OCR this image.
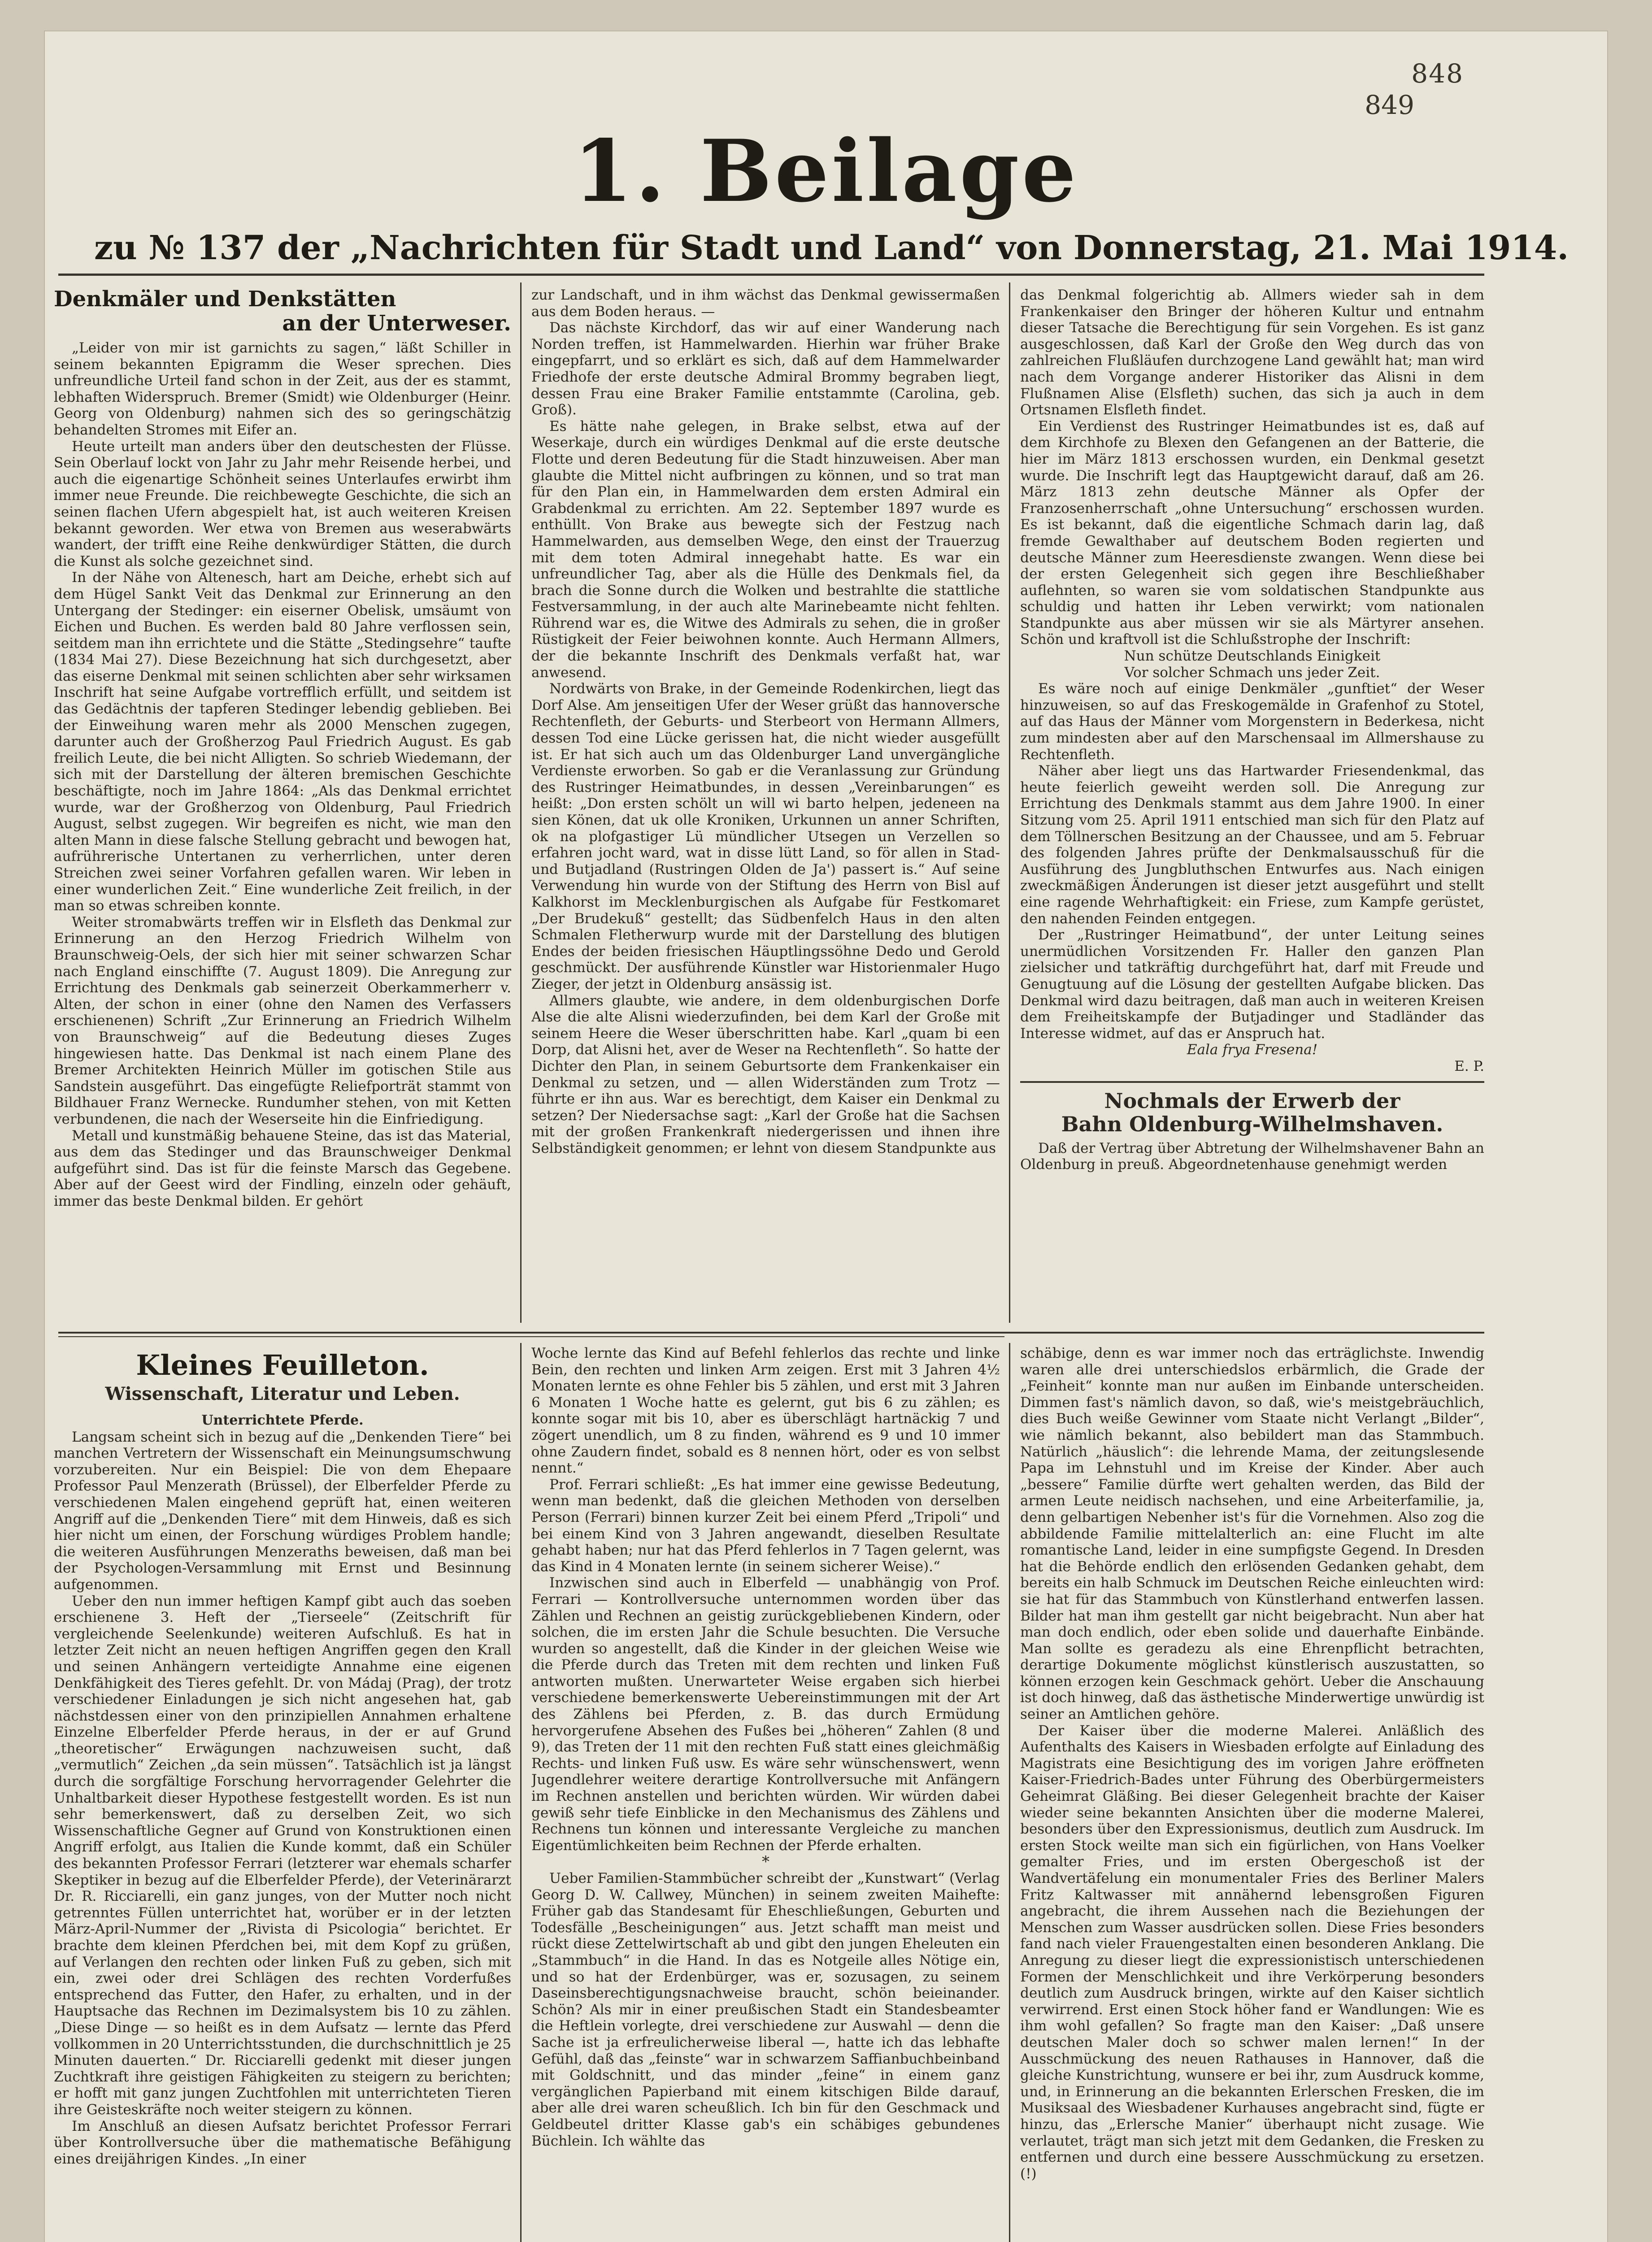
848
849
1. Beilage
zu № 137 der „Nachrichten für Stadt und Land“ von Donnerstag, 21. Mai 1914.
Denkmäler und Denkstätten

an der Unterweser.

„Leider von mir ist garnichts zu sagen,“ läßt Schiller in seinem bekannten Epigramm die Weser sprechen. Dies unfreundliche Urteil fand schon in der Zeit, aus der es stammt, lebhaften Widerspruch. Bremer (Smidt) wie Oldenburger (Heinr. Georg von Oldenburg) nahmen sich des so geringschätzig behandelten Stromes mit Eifer an.

Heute urteilt man anders über den deutschesten der Flüsse. Sein Oberlauf lockt von Jahr zu Jahr mehr Reisende herbei, und auch die eigenartige Schönheit seines Unterlaufes erwirbt ihm immer neue Freunde. Die reichbewegte Geschichte, die sich an seinen flachen Ufern abgespielt hat, ist auch weiteren Kreisen bekannt geworden. Wer etwa von Bremen aus weserabwärts wandert, der trifft eine Reihe denkwürdiger Stätten, die durch die Kunst als solche gezeichnet sind.

In der Nähe von Altenesch, hart am Deiche, erhebt sich auf dem Hügel Sankt Veit das Denkmal zur Erinnerung an den Untergang der Stedinger: ein eiserner Obelisk, umsäumt von Eichen und Buchen. Es werden bald 80 Jahre verflossen sein, seitdem man ihn errichtete und die Stätte „Stedingsehre“ taufte (1834 Mai 27). Diese Bezeichnung hat sich durchgesetzt, aber das eiserne Denkmal mit seinen schlichten aber sehr wirksamen Inschrift hat seine Aufgabe vortrefflich erfüllt, und seitdem ist das Gedächtnis der tapferen Stedinger lebendig geblieben. Bei der Einweihung waren mehr als 2000 Menschen zugegen, darunter auch der Großherzog Paul Friedrich August. Es gab freilich Leute, die bei nicht Alligten. So schrieb Wiedemann, der sich mit der Darstellung der älteren bremischen Geschichte beschäftigte, noch im Jahre 1864: „Als das Denkmal errichtet wurde, war der Großherzog von Oldenburg, Paul Friedrich August, selbst zugegen. Wir begreifen es nicht, wie man den alten Mann in diese falsche Stellung gebracht und bewogen hat, aufrührerische Untertanen zu verherrlichen, unter deren Streichen zwei seiner Vorfahren gefallen waren. Wir leben in einer wunderlichen Zeit.“ Eine wunderliche Zeit freilich, in der man so etwas schreiben konnte.

Weiter stromabwärts treffen wir in Elsfleth das Denkmal zur Erinnerung an den Herzog Friedrich Wilhelm von Braunschweig-Oels, der sich hier mit seiner schwarzen Schar nach England einschiffte (7. August 1809). Die Anregung zur Errichtung des Denkmals gab seinerzeit Oberkammerherr v. Alten, der schon in einer (ohne den Namen des Verfassers erschienenen) Schrift „Zur Erinnerung an Friedrich Wilhelm von Braunschweig“ auf die Bedeutung dieses Zuges hingewiesen hatte. Das Denkmal ist nach einem Plane des Bremer Architekten Heinrich Müller im gotischen Stile aus Sandstein ausgeführt. Das eingefügte Reliefporträt stammt von Bildhauer Franz Wernecke. Rundumher stehen, von mit Ketten verbundenen, die nach der Weserseite hin die Einfriedigung.

Metall und kunstmäßig behauene Steine, das ist das Material, aus dem das Stedinger und das Braunschweiger Denkmal aufgeführt sind. Das ist für die feinste Marsch das Gegebene. Aber auf der Geest wird der Findling, einzeln oder gehäuft, immer das beste Denkmal bilden. Er gehört

zur Landschaft, und in ihm wächst das Denkmal gewissermaßen aus dem Boden heraus. —

Das nächste Kirchdorf, das wir auf einer Wanderung nach Norden treffen, ist Hammelwarden. Hierhin war früher Brake eingepfarrt, und so erklärt es sich, daß auf dem Hammelwarder Friedhofe der erste deutsche Admiral Brommy begraben liegt, dessen Frau eine Braker Familie entstammte (Carolina, geb. Groß).

Es hätte nahe gelegen, in Brake selbst, etwa auf der Weserkaje, durch ein würdiges Denkmal auf die erste deutsche Flotte und deren Bedeutung für die Stadt hinzuweisen. Aber man glaubte die Mittel nicht aufbringen zu können, und so trat man für den Plan ein, in Hammelwarden dem ersten Admiral ein Grabdenkmal zu errichten. Am 22. September 1897 wurde es enthüllt. Von Brake aus bewegte sich der Festzug nach Hammelwarden, aus demselben Wege, den einst der Trauerzug mit dem toten Admiral innegehabt hatte. Es war ein unfreundlicher Tag, aber als die Hülle des Denkmals fiel, da brach die Sonne durch die Wolken und bestrahlte die stattliche Festversammlung, in der auch alte Marinebeamte nicht fehlten. Rührend war es, die Witwe des Admirals zu sehen, die in großer Rüstigkeit der Feier beiwohnen konnte. Auch Hermann Allmers, der die bekannte Inschrift des Denkmals verfaßt hat, war anwesend.

Nordwärts von Brake, in der Gemeinde Rodenkirchen, liegt das Dorf Alse. Am jenseitigen Ufer der Weser grüßt das hannoversche Rechtenfleth, der Geburts- und Sterbeort von Hermann Allmers, dessen Tod eine Lücke gerissen hat, die nicht wieder ausgefüllt ist. Er hat sich auch um das Oldenburger Land unvergängliche Verdienste erworben. So gab er die Veranlassung zur Gründung des Rustringer Heimatbundes, in dessen „Vereinbarungen“ es heißt: „Don ersten schölt un will wi barto helpen, jedeneen na sien Könen, dat uk olle Kroniken, Urkunnen un anner Schriften, ok na plofgastiger Lü mündlicher Utsegen un Verzellen so erfahren jocht ward, wat in disse lütt Land, so för allen in Stad- und Butjadland (Rustringen Olden de Ja') passert is.“ Auf seine Verwendung hin wurde von der Stiftung des Herrn von Bisl auf Kalkhorst im Mecklenburgischen als Aufgabe für Festkomaret „Der Brudekuß“ gestellt; das Südbenfelch Haus in den alten Schmalen Fletherwurp wurde mit der Darstellung des blutigen Endes der beiden friesischen Häuptlingssöhne Dedo und Gerold geschmückt. Der ausführende Künstler war Historienmaler Hugo Zieger, der jetzt in Oldenburg ansässig ist.

Allmers glaubte, wie andere, in dem oldenburgischen Dorfe Alse die alte Alisni wiederzufinden, bei dem Karl der Große mit seinem Heere die Weser überschritten habe. Karl „quam bi een Dorp, dat Alisni het, aver de Weser na Rechtenfleth“. So hatte der Dichter den Plan, in seinem Geburtsorte dem Frankenkaiser ein Denkmal zu setzen, und — allen Widerständen zum Trotz — führte er ihn aus. War es berechtigt, dem Kaiser ein Denkmal zu setzen? Der Niedersachse sagt: „Karl der Große hat die Sachsen mit der großen Frankenkraft niedergerissen und ihnen ihre Selbständigkeit genommen; er lehnt von diesem Standpunkte aus

das Denkmal folgerichtig ab. Allmers wieder sah in dem Frankenkaiser den Bringer der höheren Kultur und entnahm dieser Tatsache die Berechtigung für sein Vorgehen. Es ist ganz ausgeschlossen, daß Karl der Große den Weg durch das von zahlreichen Flußläufen durchzogene Land gewählt hat; man wird nach dem Vorgange anderer Historiker das Alisni in dem Flußnamen Alise (Elsfleth) suchen, das sich ja auch in dem Ortsnamen Elsfleth findet.

Ein Verdienst des Rustringer Heimatbundes ist es, daß auf dem Kirchhofe zu Blexen den Gefangenen an der Batterie, die hier im März 1813 erschossen wurden, ein Denkmal gesetzt wurde. Die Inschrift legt das Hauptgewicht darauf, daß am 26. März 1813 zehn deutsche Männer als Opfer der Franzosenherrschaft „ohne Untersuchung“ erschossen wurden. Es ist bekannt, daß die eigentliche Schmach darin lag, daß fremde Gewalthaber auf deutschem Boden regierten und deutsche Männer zum Heeresdienste zwangen. Wenn diese bei der ersten Gelegenheit sich gegen ihre Beschließhaber auflehnten, so waren sie vom soldatischen Standpunkte aus schuldig und hatten ihr Leben verwirkt; vom nationalen Standpunkte aus aber müssen wir sie als Märtyrer ansehen. Schön und kraftvoll ist die Schlußstrophe der Inschrift:

Nun schütze Deutschlands Einigkeit

Vor solcher Schmach uns jeder Zeit.

Es wäre noch auf einige Denkmäler „gunftiet“ der Weser hinzuweisen, so auf das Freskogemälde in Grafenhof zu Stotel, auf das Haus der Männer vom Morgenstern in Bederkesa, nicht zum mindesten aber auf den Marschensaal im Allmershause zu Rechtenfleth.

Näher aber liegt uns das Hartwarder Friesendenkmal, das heute feierlich geweiht werden soll. Die Anregung zur Errichtung des Denkmals stammt aus dem Jahre 1900. In einer Sitzung vom 25. April 1911 entschied man sich für den Platz auf dem Töllnerschen Besitzung an der Chaussee, und am 5. Februar des folgenden Jahres prüfte der Denkmalsausschuß für die Ausführung des Jungbluthschen Entwurfes aus. Nach einigen zweckmäßigen Änderungen ist dieser jetzt ausgeführt und stellt eine ragende Wehrhaftigkeit: ein Friese, zum Kampfe gerüstet, den nahenden Feinden entgegen.

Der „Rustringer Heimatbund“, der unter Leitung seines unermüdlichen Vorsitzenden Fr. Haller den ganzen Plan zielsicher und tatkräftig durchgeführt hat, darf mit Freude und Genugtuung auf die Lösung der gestellten Aufgabe blicken. Das Denkmal wird dazu beitragen, daß man auch in weiteren Kreisen dem Freiheitskampfe der Butjadinger und Stadländer das Interesse widmet, auf das er Anspruch hat.

Eala frya Fresena!

E. P.

Nochmals der Erwerb der
Bahn Oldenburg-Wilhelmshaven.

Daß der Vertrag über Abtretung der Wilhelmshavener Bahn an Oldenburg in preuß. Abgeordnetenhause genehmigt werden

Kleines Feuilleton.
Wissenschaft, Literatur und Leben.

Unterrichtete Pferde.

Langsam scheint sich in bezug auf die „Denkenden Tiere“ bei manchen Vertretern der Wissenschaft ein Meinungsumschwung vorzubereiten. Nur ein Beispiel: Die von dem Ehepaare Professor Paul Menzerath (Brüssel), der Elberfelder Pferde zu verschiedenen Malen eingehend geprüft hat, einen weiteren Angriff auf die „Denkenden Tiere“ mit dem Hinweis, daß es sich hier nicht um einen, der Forschung würdiges Problem handle; die weiteren Ausführungen Menzeraths beweisen, daß man bei der Psychologen-Versammlung mit Ernst und Besinnung aufgenommen.

Ueber den nun immer heftigen Kampf gibt auch das soeben erschienene 3. Heft der „Tierseele“ (Zeitschrift für vergleichende Seelenkunde) weiteren Aufschluß. Es hat in letzter Zeit nicht an neuen heftigen Angriffen gegen den Krall und seinen Anhängern verteidigte Annahme eine eigenen Denkfähigkeit des Tieres gefehlt. Dr. von Mádaj (Prag), der trotz verschiedener Einladungen je sich nicht angesehen hat, gab nächstdessen einer von den prinzipiellen Annahmen erhaltene Einzelne Elberfelder Pferde heraus, in der er auf Grund „theoretischer“ Erwägungen nachzuweisen sucht, daß „vermutlich“ Zeichen „da sein müssen“. Tatsächlich ist ja längst durch die sorgfältige Forschung hervorragender Gelehrter die Unhaltbarkeit dieser Hypothese festgestellt worden. Es ist nun sehr bemerkenswert, daß zu derselben Zeit, wo sich Wissenschaftliche Gegner auf Grund von Konstruktionen einen Angriff erfolgt, aus Italien die Kunde kommt, daß ein Schüler des bekannten Professor Ferrari (letzterer war ehemals scharfer Skeptiker in bezug auf die Elberfelder Pferde), der Veterinärarzt Dr. R. Ricciarelli, ein ganz junges, von der Mutter noch nicht getrenntes Füllen unterrichtet hat, worüber er in der letzten März-April-Nummer der „Rivista di Psicologia“ berichtet. Er brachte dem kleinen Pferdchen bei, mit dem Kopf zu grüßen, auf Verlangen den rechten oder linken Fuß zu geben, sich mit ein, zwei oder drei Schlägen des rechten Vorderfußes entsprechend das Futter, den Hafer, zu erhalten, und in der Hauptsache das Rechnen im Dezimalsystem bis 10 zu zählen. „Diese Dinge — so heißt es in dem Aufsatz — lernte das Pferd vollkommen in 20 Unterrichtsstunden, die durchschnittlich je 25 Minuten dauerten.“ Dr. Ricciarelli gedenkt mit dieser jungen Zuchtkraft ihre geistigen Fähigkeiten zu steigern zu berichten; er hofft mit ganz jungen Zuchtfohlen mit unterrichteten Tieren ihre Geisteskräfte noch weiter steigern zu können.

Im Anschluß an diesen Aufsatz berichtet Professor Ferrari über Kontrollversuche über die mathematische Befähigung eines dreijährigen Kindes. „In einer

Woche lernte das Kind auf Befehl fehlerlos das rechte und linke Bein, den rechten und linken Arm zeigen. Erst mit 3 Jahren 4½ Monaten lernte es ohne Fehler bis 5 zählen, und erst mit 3 Jahren 6 Monaten 1 Woche hatte es gelernt, gut bis 6 zu zählen; es konnte sogar mit bis 10, aber es überschlägt hartnäckig 7 und zögert unendlich, um 8 zu finden, während es 9 und 10 immer ohne Zaudern findet, sobald es 8 nennen hört, oder es von selbst nennt.“

Prof. Ferrari schließt: „Es hat immer eine gewisse Bedeutung, wenn man bedenkt, daß die gleichen Methoden von derselben Person (Ferrari) binnen kurzer Zeit bei einem Pferd „Tripoli“ und bei einem Kind von 3 Jahren angewandt, dieselben Resultate gehabt haben; nur hat das Pferd fehlerlos in 7 Tagen gelernt, was das Kind in 4 Monaten lernte (in seinem sicherer Weise).“

Inzwischen sind auch in Elberfeld — unabhängig von Prof. Ferrari — Kontrollversuche unternommen worden über das Zählen und Rechnen an geistig zurückgebliebenen Kindern, oder solchen, die im ersten Jahr die Schule besuchten. Die Versuche wurden so angestellt, daß die Kinder in der gleichen Weise wie die Pferde durch das Treten mit dem rechten und linken Fuß antworten mußten. Unerwarteter Weise ergaben sich hierbei verschiedene bemerkenswerte Uebereinstimmungen mit der Art des Zählens bei Pferden, z. B. das durch Ermüdung hervorgerufene Absehen des Fußes bei „höheren“ Zahlen (8 und 9), das Treten der 11 mit den rechten Fuß statt eines gleichmäßig Rechts- und linken Fuß usw. Es wäre sehr wünschenswert, wenn Jugendlehrer weitere derartige Kontrollversuche mit Anfängern im Rechnen anstellen und berichten würden. Wir würden dabei gewiß sehr tiefe Einblicke in den Mechanismus des Zählens und Rechnens tun können und interessante Vergleiche zu manchen Eigentümlichkeiten beim Rechnen der Pferde erhalten.

*

Ueber Familien-Stammbücher schreibt der „Kunstwart“ (Verlag Georg D. W. Callwey, München) in seinem zweiten Maihefte: Früher gab das Standesamt für Eheschließungen, Geburten und Todesfälle „Bescheinigungen“ aus. Jetzt schafft man meist und rückt diese Zettelwirtschaft ab und gibt den jungen Eheleuten ein „Stammbuch“ in die Hand. In das es Notgeile alles Nötige ein, und so hat der Erdenbürger, was er, sozusagen, zu seinem Daseinsberechtigungsnachweise braucht, schön beieinander. Schön? Als mir in einer preußischen Stadt ein Standesbeamter die Heftlein vorlegte, drei verschiedene zur Auswahl — denn die Sache ist ja erfreulicherweise liberal —, hatte ich das lebhafte Gefühl, daß das „feinste“ war in schwarzem Saffianbuchbeinband mit Goldschnitt, und das minder „feine“ in einem ganz vergänglichen Papierband mit einem kitschigen Bilde darauf, aber alle drei waren scheußlich. Ich bin für den Geschmack und Geldbeutel dritter Klasse gab's ein schäbiges gebundenes Büchlein. Ich wählte das

schäbige, denn es war immer noch das erträglichste. Inwendig waren alle drei unterschiedslos erbärmlich, die Grade der „Feinheit“ konnte man nur außen im Einbande unterscheiden. Dimmen fast's nämlich davon, so daß, wie's meistgebräuchlich, dies Buch weiße Gewinner vom Staate nicht Verlangt „Bilder“, wie nämlich bekannt, also bebildert man das Stammbuch. Natürlich „häuslich“: die lehrende Mama, der zeitungslesende Papa im Lehnstuhl und im Kreise der Kinder. Aber auch „bessere“ Familie dürfte wert gehalten werden, das Bild der armen Leute neidisch nachsehen, und eine Arbeiterfamilie, ja, denn gelbartigen Nebenher ist's für die Vornehmen. Also zog die abbildende Familie mittelalterlich an: eine Flucht im alte romantische Land, leider in eine sumpfigste Gegend. In Dresden hat die Behörde endlich den erlösenden Gedanken gehabt, dem bereits ein halb Schmuck im Deutschen Reiche einleuchten wird: sie hat für das Stammbuch von Künstlerhand entwerfen lassen. Bilder hat man ihm gestellt gar nicht beigebracht. Nun aber hat man doch endlich, oder eben solide und dauerhafte Einbände. Man sollte es geradezu als eine Ehrenpflicht betrachten, derartige Dokumente möglichst künstlerisch auszustatten, so können erzogen kein Geschmack gehört. Ueber die Anschauung ist doch hinweg, daß das ästhetische Minderwertige unwürdig ist seiner an Amtlichen gehöre.

Der Kaiser über die moderne Malerei. Anläßlich des Aufenthalts des Kaisers in Wiesbaden erfolgte auf Einladung des Magistrats eine Besichtigung des im vorigen Jahre eröffneten Kaiser-Friedrich-Bades unter Führung des Oberbürgermeisters Geheimrat Gläßing. Bei dieser Gelegenheit brachte der Kaiser wieder seine bekannten Ansichten über die moderne Malerei, besonders über den Expressionismus, deutlich zum Ausdruck. Im ersten Stock weilte man sich ein figürlichen, von Hans Voelker gemalter Fries, und im ersten Obergeschoß ist der Wandvertäfelung ein monumentaler Fries des Berliner Malers Fritz Kaltwasser mit annähernd lebensgroßen Figuren angebracht, die ihrem Aussehen nach die Beziehungen der Menschen zum Wasser ausdrücken sollen. Diese Fries besonders fand nach vieler Frauengestalten einen besonderen Anklang. Die Anregung zu dieser liegt die expressionistisch unterschiedenen Formen der Menschlichkeit und ihre Verkörperung besonders deutlich zum Ausdruck bringen, wirkte auf den Kaiser sichtlich verwirrend. Erst einen Stock höher fand er Wandlungen: Wie es ihm wohl gefallen? So fragte man den Kaiser: „Daß unsere deutschen Maler doch so schwer malen lernen!“ In der Ausschmückung des neuen Rathauses in Hannover, daß die gleiche Kunstrichtung, wunsere er bei ihr, zum Ausdruck komme, und, in Erinnerung an die bekannten Erlerschen Fresken, die im Musiksaal des Wiesbadener Kurhauses angebracht sind, fügte er hinzu, das „Erlersche Manier“ überhaupt nicht zusage. Wie verlautet, trägt man sich jetzt mit dem Gedanken, die Fresken zu entfernen und durch eine bessere Ausschmückung zu ersetzen. (!)
